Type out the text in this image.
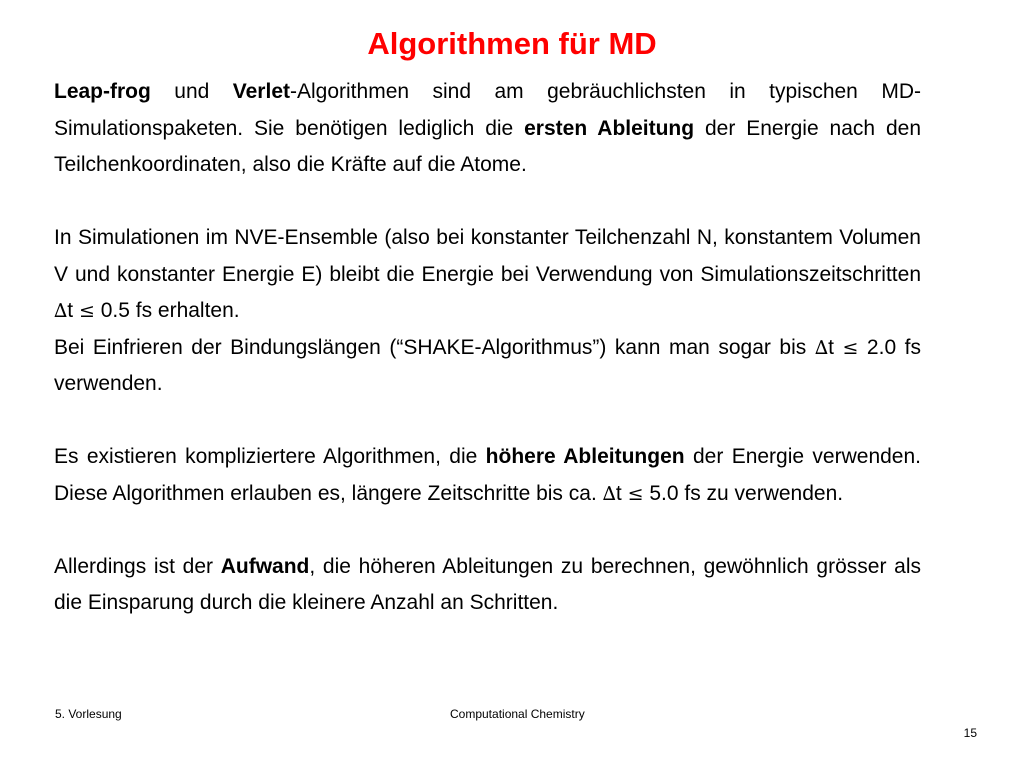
Algorithmen für MD

Leap-frog und Verlet-Algorithmen sind am gebräuchlichsten in typischen MD-Simulationspaketen. Sie benötigen lediglich die ersten Ableitung der Energie nach den Teilchenkoordinaten, also die Kräfte auf die Atome.

In Simulationen im NVE-Ensemble (also bei konstanter Teilchenzahl N, konstantem Volumen V und konstanter Energie E) bleibt die Energie bei Verwendung von Simulationszeitschritten ∆t ≤ 0.5 fs erhalten.

Bei Einfrieren der Bindungslängen (“SHAKE-Algorithmus”) kann man sogar bis ∆t ≤ 2.0 fs verwenden.

Es existieren kompliziertere Algorithmen, die höhere Ableitungen der Energie verwenden. Diese Algorithmen erlauben es, längere Zeitschritte bis ca. ∆t ≤ 5.0 fs zu verwenden.

Allerdings ist der Aufwand, die höheren Ableitungen zu berechnen, gewöhnlich grösser als die Einsparung durch die kleinere Anzahl an Schritten.

5. Vorlesung	Computational Chemistry
15
